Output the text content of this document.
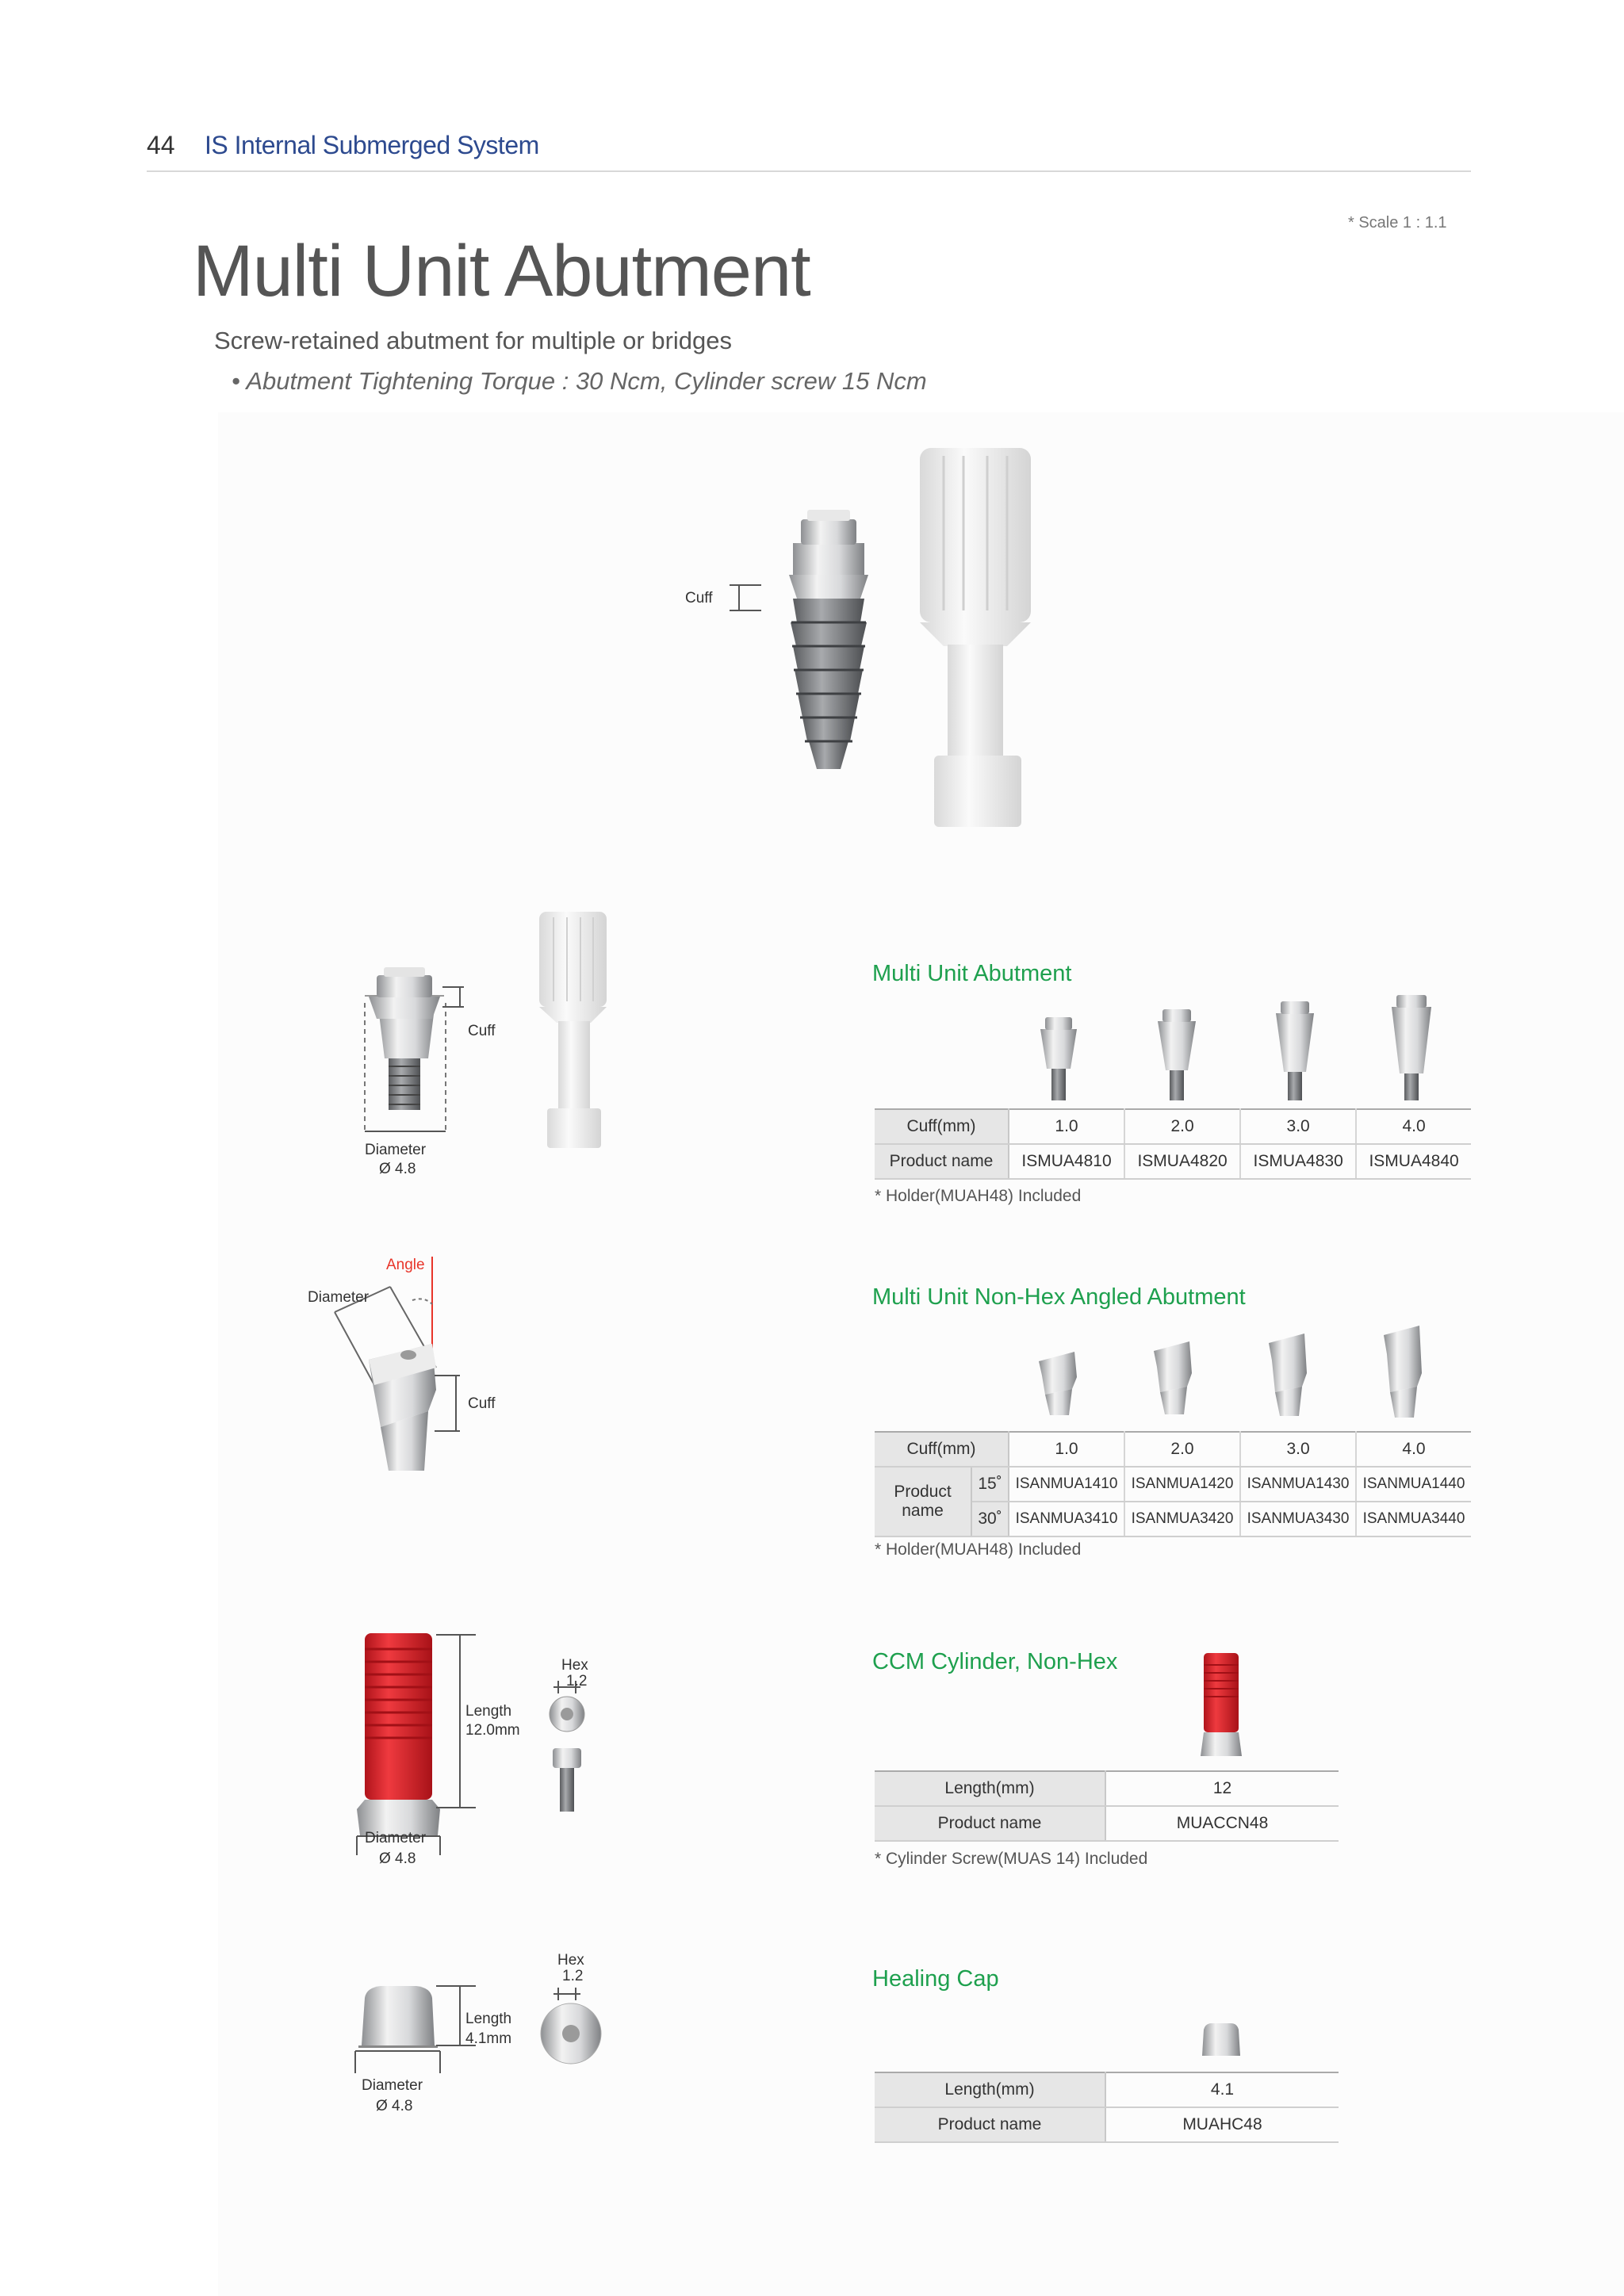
44 IS Internal Submerged System
* Scale 1 : 1.1
Multi Unit Abutment
Screw-retained abutment for multiple or bridges
• Abutment Tightening Torque : 30 Ncm, Cylinder screw 15 Ncm
Cuff
Cuff
Diameter
Ø 4.8
Multi Unit Abutment
Cuff(mm)	1.0	2.0	3.0	4.0
Product name	ISMUA4810	ISMUA4820	ISMUA4830	ISMUA4840
* Holder(MUAH48) Included
Angle
Diameter
Cuff
Multi Unit Non-Hex Angled Abutment
Cuff(mm)		1.0	2.0	3.0	4.0
Product name	15˚	ISANMUA1410	ISANMUA1420	ISANMUA1430	ISANMUA1440
	30˚	ISANMUA3410	ISANMUA3420	ISANMUA3430	ISANMUA3440
* Holder(MUAH48) Included
Hex
1.2
Length
12.0mm
Diameter
Ø 4.8
CCM Cylinder, Non-Hex
Length(mm)	12
Product name	MUACCN48
* Cylinder Screw(MUAS 14) Included
Hex
1.2
Length
4.1mm
Diameter
Ø 4.8
Healing Cap
Length(mm)	4.1
Product name	MUAHC48
